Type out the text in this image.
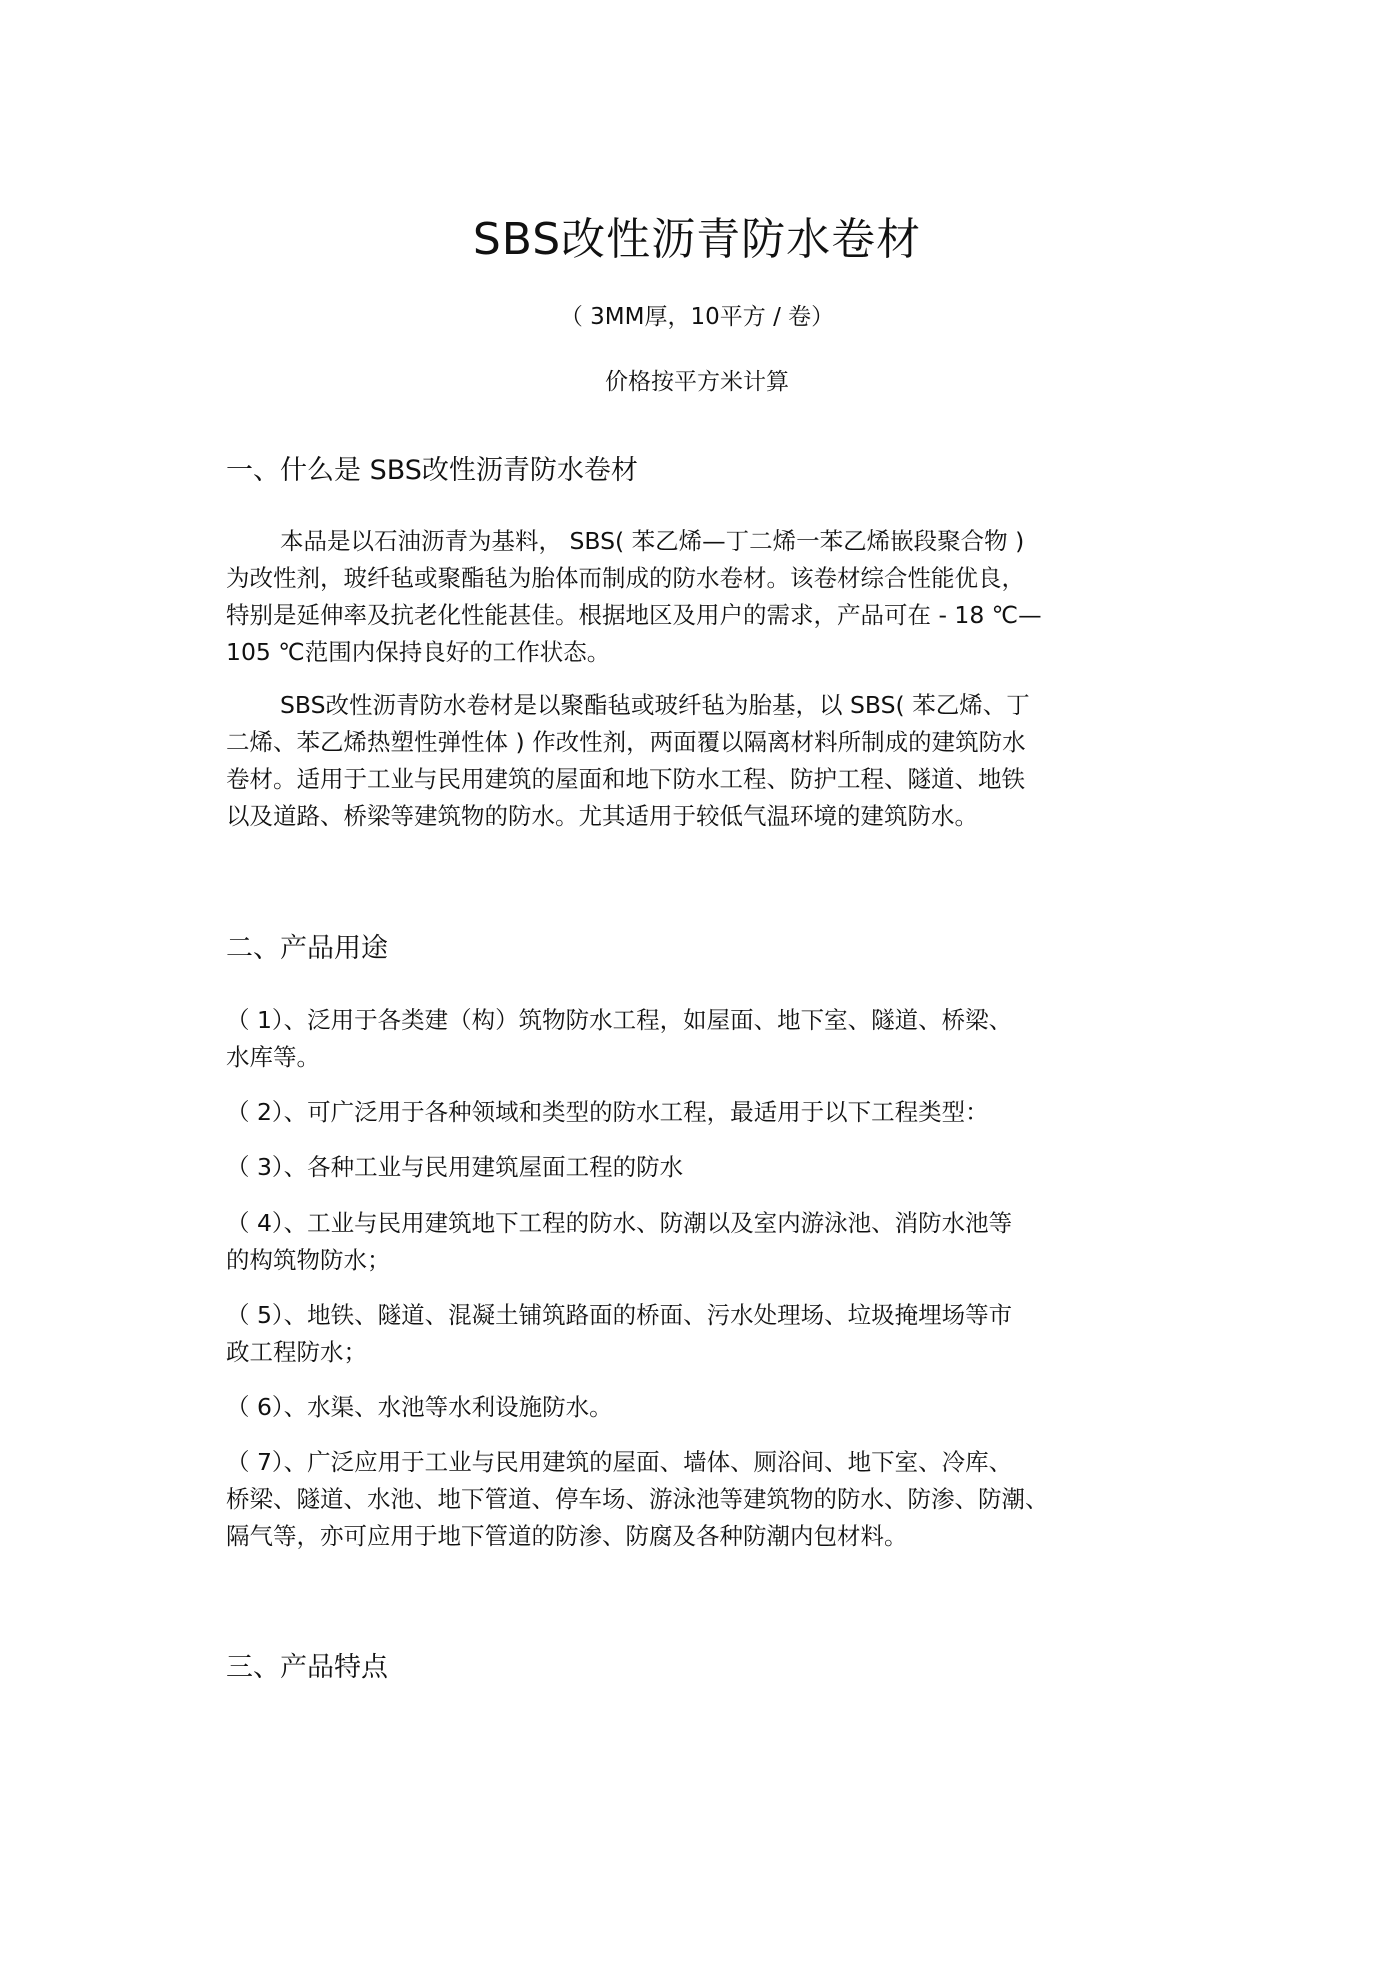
SBS改性沥青防水卷材

（ 3MM厚，10平方 / 卷）

价格按平方米计算

一、什么是 SBS改性沥青防水卷材

本品是以石油沥青为基料， SBS( 苯乙烯—丁二烯一苯乙烯嵌段聚合物 )
为改性剂，玻纤毡或聚酯毡为胎体而制成的防水卷材。该卷材综合性能优良，
特别是延伸率及抗老化性能甚佳。根据地区及用户的需求，产品可在 - 18 ℃—
105 ℃范围内保持良好的工作状态。

SBS改性沥青防水卷材是以聚酯毡或玻纤毡为胎基，以 SBS( 苯乙烯、丁
二烯、苯乙烯热塑性弹性体 ) 作改性剂，两面覆以隔离材料所制成的建筑防水
卷材。适用于工业与民用建筑的屋面和地下防水工程、防护工程、隧道、地铁
以及道路、桥梁等建筑物的防水。尤其适用于较低气温环境的建筑防水。

二、产品用途

（ 1）、泛用于各类建（构）筑物防水工程，如屋面、地下室、隧道、桥梁、
水库等。

（ 2）、可广泛用于各种领域和类型的防水工程，最适用于以下工程类型：

（ 3）、各种工业与民用建筑屋面工程的防水

（ 4）、工业与民用建筑地下工程的防水、防潮以及室内游泳池、消防水池等
的构筑物防水；

（ 5）、地铁、隧道、混凝土铺筑路面的桥面、污水处理场、垃圾掩埋场等市
政工程防水；

（ 6）、水渠、水池等水利设施防水。

（ 7）、广泛应用于工业与民用建筑的屋面、墙体、厕浴间、地下室、冷库、
桥梁、隧道、水池、地下管道、停车场、游泳池等建筑物的防水、防渗、防潮、
隔气等，亦可应用于地下管道的防渗、防腐及各种防潮内包材料。

三、产品特点
